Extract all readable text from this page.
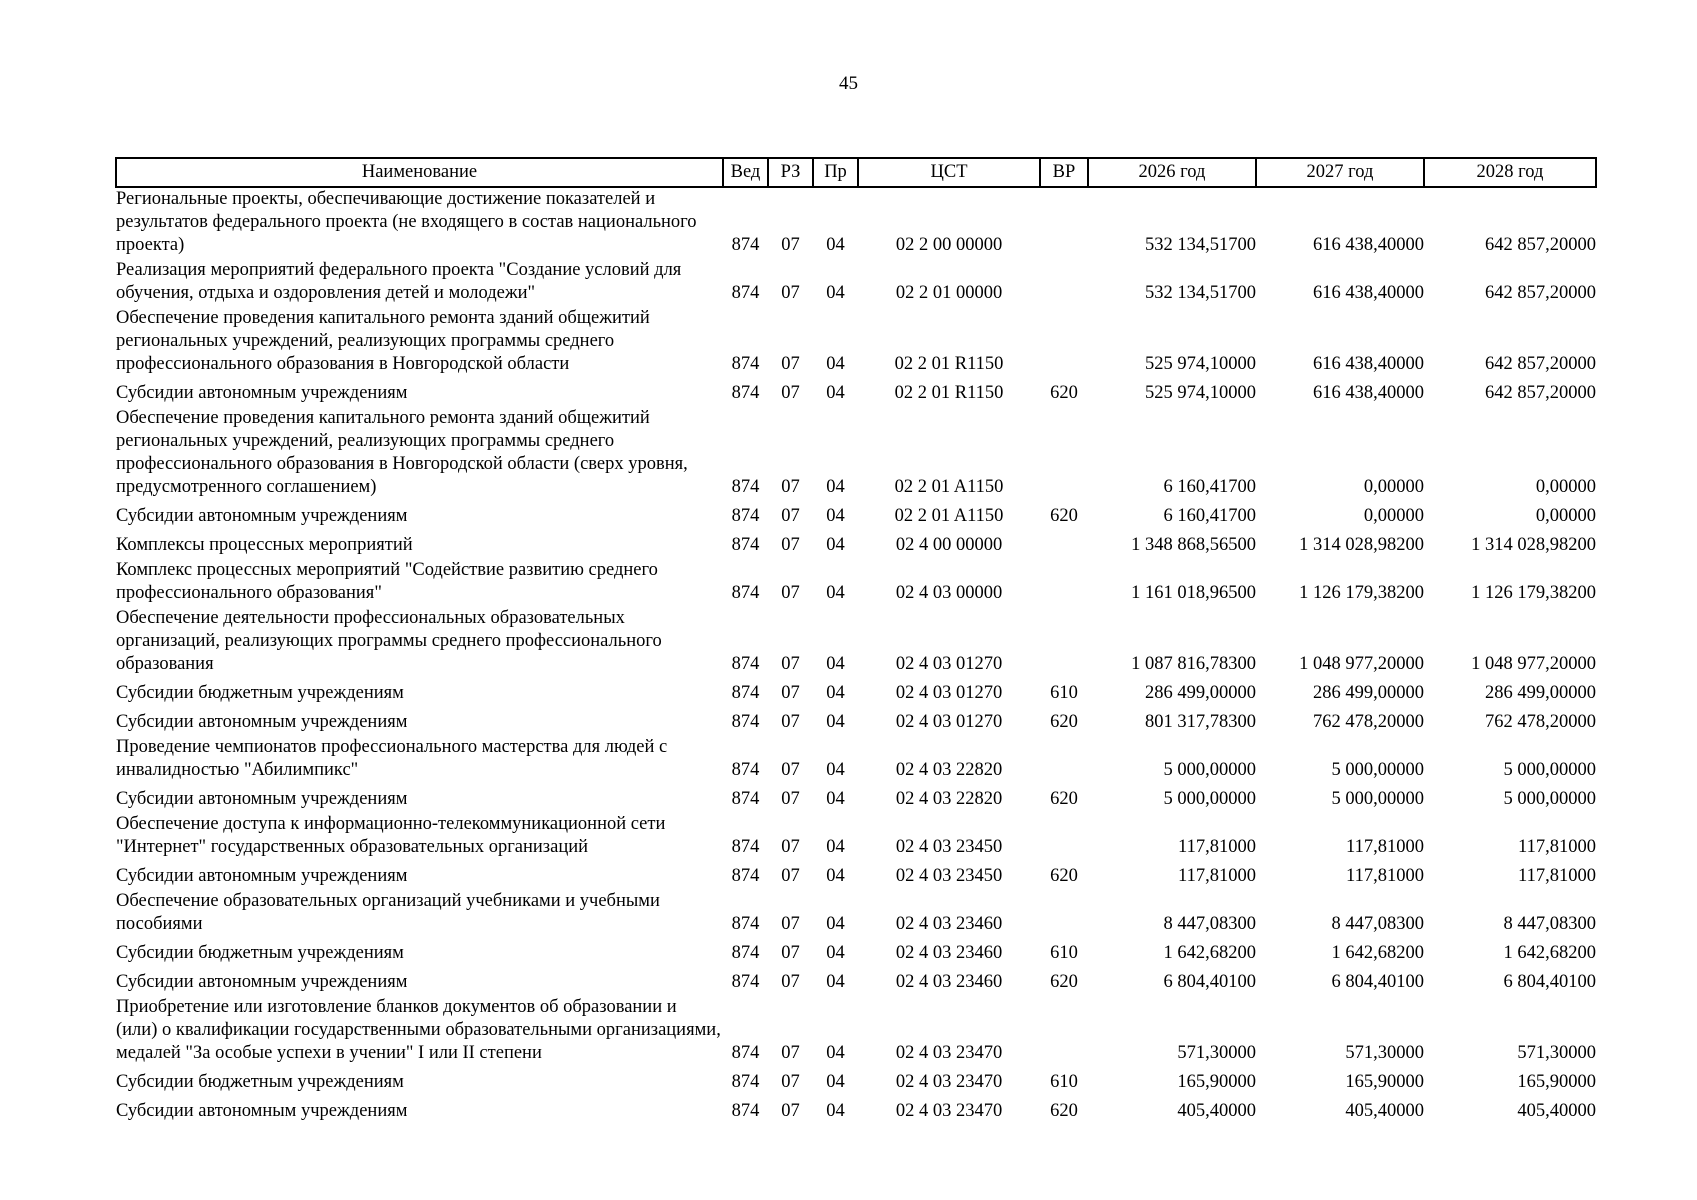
45
Наименование	Вед	РЗ	Пр	ЦСТ	ВР	2026 год	2027 год	2028 год
Региональные проекты, обеспечивающие достижение показателей и результатов федерального проекта (не входящего в состав национального проекта)	874	07	04	02 2 00 00000		532 134,51700	616 438,40000	642 857,20000
Реализация мероприятий федерального проекта "Создание условий для обучения, отдыха и оздоровления детей и молодежи"	874	07	04	02 2 01 00000		532 134,51700	616 438,40000	642 857,20000
Обеспечение проведения капитального ремонта зданий общежитий региональных учреждений, реализующих программы среднего профессионального образования в Новгородской области	874	07	04	02 2 01 R1150		525 974,10000	616 438,40000	642 857,20000
Субсидии автономным учреждениям	874	07	04	02 2 01 R1150	620	525 974,10000	616 438,40000	642 857,20000
Обеспечение проведения капитального ремонта зданий общежитий региональных учреждений, реализующих программы среднего профессионального образования в Новгородской области (сверх уровня, предусмотренного соглашением)	874	07	04	02 2 01 A1150		6 160,41700	0,00000	0,00000
Субсидии автономным учреждениям	874	07	04	02 2 01 A1150	620	6 160,41700	0,00000	0,00000
Комплексы процессных мероприятий	874	07	04	02 4 00 00000		1 348 868,56500	1 314 028,98200	1 314 028,98200
Комплекс процессных мероприятий "Содействие развитию среднего профессионального образования"	874	07	04	02 4 03 00000		1 161 018,96500	1 126 179,38200	1 126 179,38200
Обеспечение деятельности профессиональных образовательных организаций, реализующих программы среднего профессионального образования	874	07	04	02 4 03 01270		1 087 816,78300	1 048 977,20000	1 048 977,20000
Субсидии бюджетным учреждениям	874	07	04	02 4 03 01270	610	286 499,00000	286 499,00000	286 499,00000
Субсидии автономным учреждениям	874	07	04	02 4 03 01270	620	801 317,78300	762 478,20000	762 478,20000
Проведение чемпионатов профессионального мастерства для людей с инвалидностью "Абилимпикс"	874	07	04	02 4 03 22820		5 000,00000	5 000,00000	5 000,00000
Субсидии автономным учреждениям	874	07	04	02 4 03 22820	620	5 000,00000	5 000,00000	5 000,00000
Обеспечение доступа к информационно-телекоммуникационной сети "Интернет" государственных образовательных организаций	874	07	04	02 4 03 23450		117,81000	117,81000	117,81000
Субсидии автономным учреждениям	874	07	04	02 4 03 23450	620	117,81000	117,81000	117,81000
Обеспечение образовательных организаций учебниками и учебными пособиями	874	07	04	02 4 03 23460		8 447,08300	8 447,08300	8 447,08300
Субсидии бюджетным учреждениям	874	07	04	02 4 03 23460	610	1 642,68200	1 642,68200	1 642,68200
Субсидии автономным учреждениям	874	07	04	02 4 03 23460	620	6 804,40100	6 804,40100	6 804,40100
Приобретение или изготовление бланков документов об образовании и (или) о квалификации государственными образовательными организациями, медалей "За особые успехи в учении" I или II степени	874	07	04	02 4 03 23470		571,30000	571,30000	571,30000
Субсидии бюджетным учреждениям	874	07	04	02 4 03 23470	610	165,90000	165,90000	165,90000
Субсидии автономным учреждениям	874	07	04	02 4 03 23470	620	405,40000	405,40000	405,40000
